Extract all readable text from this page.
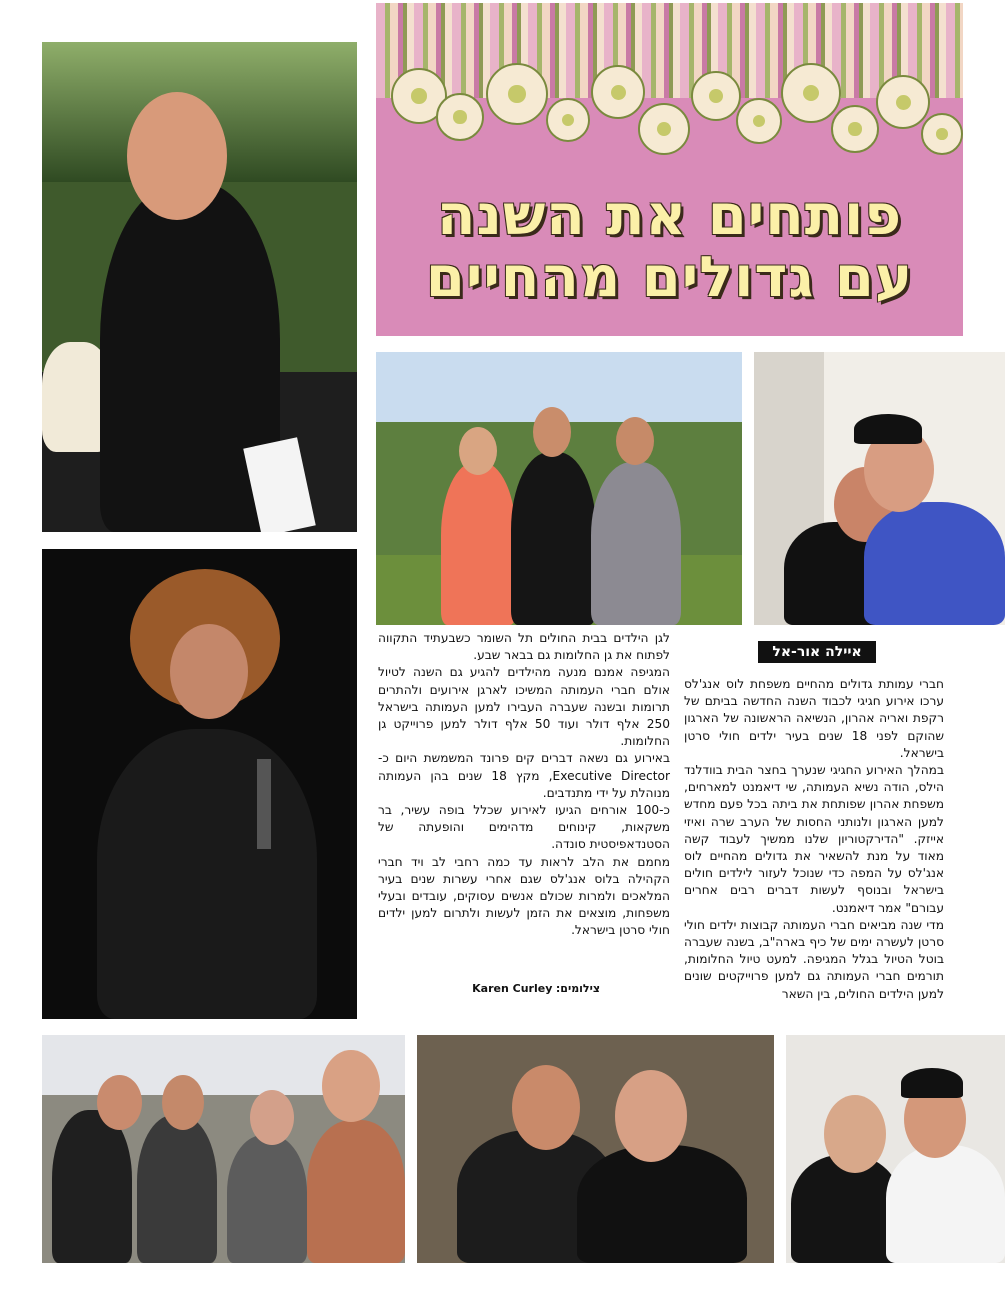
פותחים את השנה
עם גדולים מהחיים
איילה אור-אל

חברי עמותת גדולים מהחיים משפחת לוס אנג'לס ערכו אירוע חגיגי לכבוד השנה החדשה בביתם של רקפת ואריה אהרון, הנשיאה הראשונה של הארגון שהוקם לפני 18 שנים בעיר ילדים חולי סרטן בישראל.

במהלך האירוע החגיגי שנערך בחצר הבית בוודלנד הילס, הודה נשיא העמותה, שי דיאמנט למארחים, משפחת אהרון שפותחת את ביתה בכל פעם מחדש למען הארגון ולנותני החסות של הערב שרה ואיזי אייזק. "הדירקטוריון שלנו ממשיך לעבוד קשה מאוד על מנת להשאיר את גדולים מהחיים לוס אנג'לס על המפה כדי שנוכל לעזור לילדים חולים בישראל ובנוסף לעשות דברים רבים אחרים עבורם" אמר דיאמנט.

מדי שנה מביאים חברי העמותה קבוצות ילדים חולי סרטן לעשרה ימים של כיף בארה"ב, בשנה שעברה בוטל הטיול בגלל המגיפה. למעט טיול החלומות, תורמים חברי העמותה גם למען פרוייקטים שונים למען הילדים החולים, בין השאר

לגן הילדים בבית החולים תל השומר כשבעתיד התקווה לפתוח את גן החלומות גם בבאר שבע.

המגיפה אמנם מנעה מהילדים להגיע גם השנה לטיול אולם חברי העמותה המשיכו לארגן אירועים ולהתרים תרומות ובשנה שעברה העבירו למען העמותה בישראל 250 אלף דולר ועוד 50 אלף דולר למען פרוייקט גן החלומות.

באירוע גם נשאה דברים קים פרונד המשמשת היום כ-Executive Director, מקץ 18 שנים בהן העמותה מנוהלת על ידי מתנדבים.

כ-100 אורחים הגיעו לאירוע שכלל בופה עשיר, בר משקאות, קינוחים מדהימים והופעתה של הסטנדאפיסטית סונדה.

מחמם את הלב לראות עד כמה רחבי לב ויד חברי הקהילה בלוס אנג'לס שגם אחרי עשרות שנים בעיר המלאכים ולמרות שכולם אנשים עסוקים, עובדים ובעלי משפחות, מוצאים את הזמן לעשות ולתרום למען ילדים חולי סרטן בישראל.

צילומים: Karen Curley
